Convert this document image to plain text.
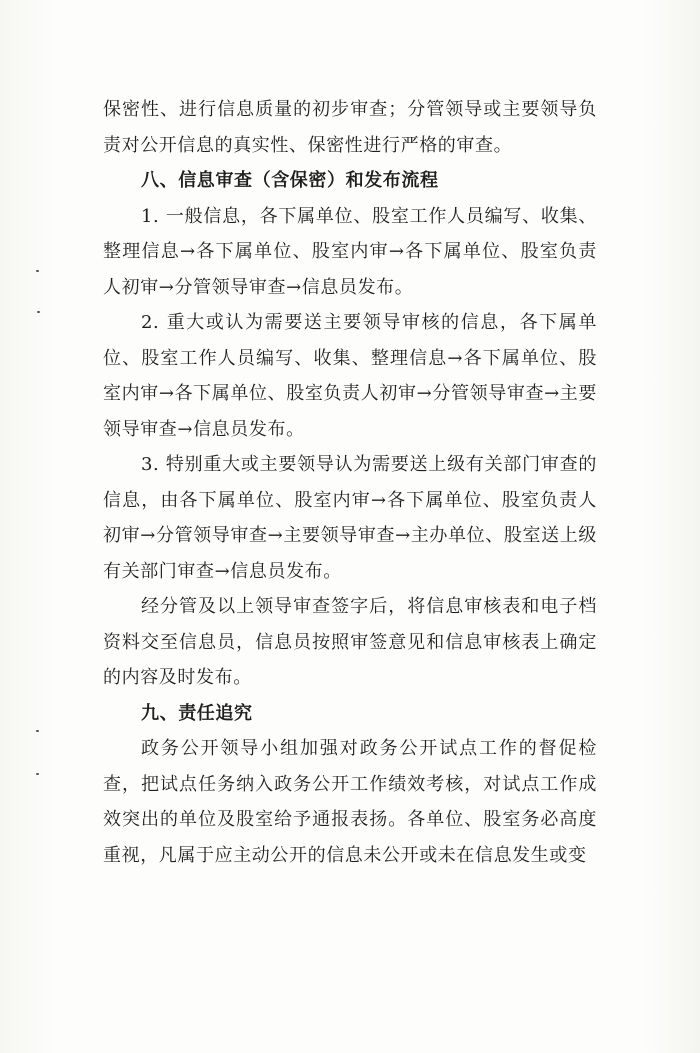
保密性、进行信息质量的初步审查；分管领导或主要领导负责对公开信息的真实性、保密性进行严格的审查。

八、信息审查（含保密）和发布流程

1. 一般信息，各下属单位、股室工作人员编写、收集、整理信息→各下属单位、股室内审→各下属单位、股室负责人初审→分管领导审查→信息员发布。

2. 重大或认为需要送主要领导审核的信息，各下属单位、股室工作人员编写、收集、整理信息→各下属单位、股室内审→各下属单位、股室负责人初审→分管领导审查→主要领导审查→信息员发布。

3. 特别重大或主要领导认为需要送上级有关部门审查的信息，由各下属单位、股室内审→各下属单位、股室负责人初审→分管领导审查→主要领导审查→主办单位、股室送上级有关部门审查→信息员发布。

经分管及以上领导审查签字后，将信息审核表和电子档资料交至信息员，信息员按照审签意见和信息审核表上确定的内容及时发布。

九、责任追究

政务公开领导小组加强对政务公开试点工作的督促检查，把试点任务纳入政务公开工作绩效考核，对试点工作成效突出的单位及股室给予通报表扬。各单位、股室务必高度重视，凡属于应主动公开的信息未公开或未在信息发生或变
